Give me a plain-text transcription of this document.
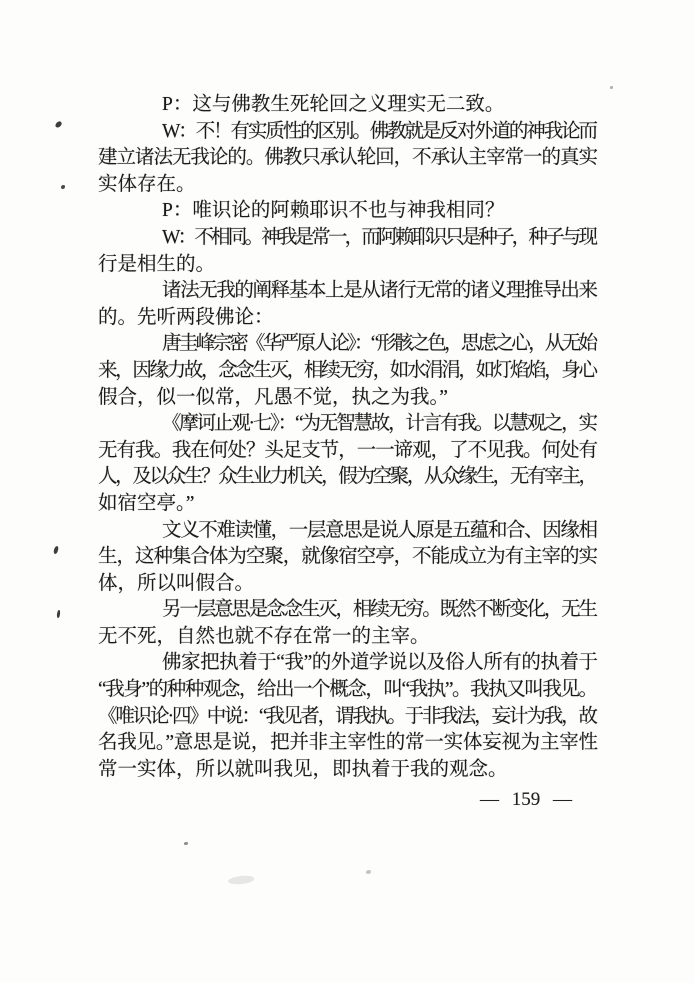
P：这与佛教生死轮回之义理实无二致。
W：不！有实质性的区别。佛教就是反对外道的神我论而
建立诸法无我论的。佛教只承认轮回，不承认主宰常一的真实
实体存在。
P：唯识论的阿赖耶识不也与神我相同？
W：不相同。神我是常一，而阿赖耶识只是种子，种子与现
行是相生的。
诸法无我的阐释基本上是从诸行无常的诸义理推导出来
的。先听两段佛论：
唐圭峰宗密《华严原人论》：“形骸之色，思虑之心，从无始
来，因缘力故，念念生灭，相续无穷，如水涓涓，如灯焰焰，身心
假合，似一似常，凡愚不觉，执之为我。”
《摩诃止观·七》：“为无智慧故，计言有我。以慧观之，实
无有我。我在何处？头足支节，一一谛观，了不见我。何处有
人，及以众生？众生业力机关，假为空聚，从众缘生，无有宰主，
如宿空亭。”
文义不难读懂，一层意思是说人原是五蕴和合、因缘相
生，这种集合体为空聚，就像宿空亭，不能成立为有主宰的实
体，所以叫假合。
另一层意思是念念生灭，相续无穷。既然不断变化，无生
无不死，自然也就不存在常一的主宰。
佛家把执着于“我”的外道学说以及俗人所有的执着于
“我身”的种种观念，给出一个概念，叫“我执”。我执又叫我见。
《唯识论·四》中说：“我见者，谓我执。于非我法，妄计为我，故
名我见。”意思是说，把并非主宰性的常一实体妄视为主宰性
常一实体，所以就叫我见，即执着于我的观念。
— 159 —
